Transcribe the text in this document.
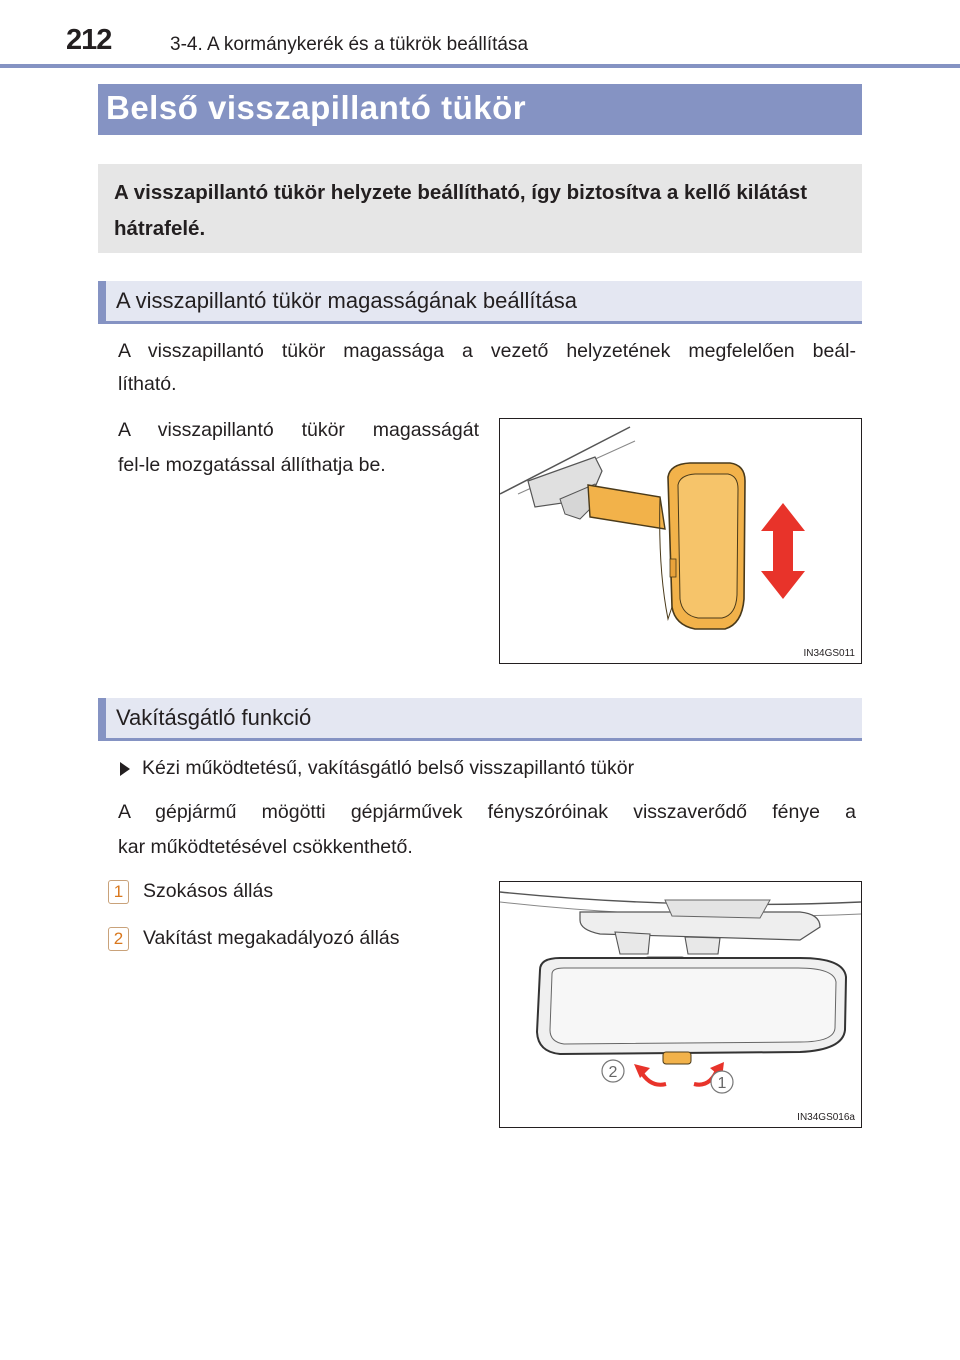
212	3-4. A kormánykerék és a tükrök beállítása
Belső visszapillantó tükör

A visszapillantó tükör helyzete beállítható, így biztosítva a kellő kilátást hátrafelé.

A visszapillantó tükör magasságának beállítása

A visszapillantó tükör magassága a vezető helyzetének megfelelően beál-

lítható.

A visszapillantó tükör magasságát

fel-le mozgatással állíthatja be.

IN34GS011
Vakításgátló funkció

Kézi működtetésű, vakításgátló belső visszapillantó tükör

A gépjármű mögötti gépjárművek fényszóróinak visszaverődő fénye a

kar működtetésével csökkenthető.

1 Szokásos állás

2 Vakítást megakadályozó állás

2
1
IN34GS016a
